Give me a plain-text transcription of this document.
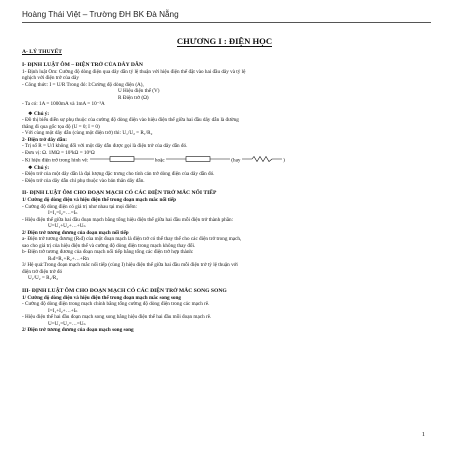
Hoàng Thái Việt – Trường ĐH BK Đà Nẵng
CHƯƠNG I : ĐIỆN HỌC
A- LÝ THUYẾT
I- ĐỊNH LUẬT ÔM – ĐIỆN TRỞ CỦA DÂY DẪN
1- Định luật Ôm: Cường độ dòng điện qua dây dẫn tỷ lệ thuận với hiệu điện thế đặt vào hai đầu dây và tỷ lệ
nghịch với điện trở của dây
- Công thức: I = U/R Trong đó: I:Cường độ dòng điện (A),
U Hiệu điện thế (V)
R Điện trở (Ω)
- Ta có: 1A = 1000mA và 1mA = 10⁻³A
❖ Chú ý:
- Đồ thị biểu diễn sự phụ thuộc của cường độ dòng điện vào hiệu điện thế giữa hai đầu dây dẫn là đường
thẳng đi qua gốc tọa độ (U = 0; I = 0)
- Với cùng một dây dẫn (cùng một điện trở) thì: U₁/U₂ = R₁/R₂
2- Điện trở dây dẫn:
- Trị số R = U/I không đổi với một dây dẫn được gọi là điện trở của dây dẫn đó.
- Đơn vị: Ω. 1MΩ = 10³kΩ = 10⁶Ω
- Kí hiệu điện trở trong hình vẽ:	hoặc	(hay	)
❖ Chú ý:
- Điện trở của một dây dẫn là đại lượng đặc trưng cho tính cản trở dòng điện của dây dẫn đó.
- Điện trở của dây dẫn chỉ phụ thuộc vào bản thân dây dẫn.
II- ĐỊNH LUẬT ÔM CHO ĐOẠN MẠCH CÓ CÁC ĐIỆN TRỞ MẮC NỐI TIẾP
1/ Cường độ dòng điện và hiệu điện thế trong đoạn mạch mắc nối tiếp
- Cường độ dòng điện có giá trị như nhau tại mọi điểm:
I=I₁=I₂=…=Iₙ
- Hiệu điện thế giữa hai đầu đoạn mạch bằng tổng hiệu điện thế giữa hai đầu mỗi điện trở thành phần:
U=U₁+U₂+…+Uₙ
2/ Điện trở tương đương của đoạn mạch nối tiếp
a- Điện trở tương đương (Rₜđ) của một đoạn mạch là điện trở có thể thay thế cho các điện trở trong mạch,
sao cho giá trị của hiệu điện thế và cường độ dòng điện trong mạch không thay đổi.
b- Điện trở tương đương của đoạn mạch nối tiếp bằng tổng các điện trở hợp thành:
Rₜđ=R₁+R₂+…+Rn
3/ Hệ quả:Trong đoạn mạch mắc nối tiếp (cùng I) hiệu điện thế giữa hai đầu mỗi điện trở tỷ lệ thuận với
điện trở điện trở đó
U₁/U₂ = R₁/R₂
III- ĐỊNH LUẬT ÔM CHO ĐOẠN MẠCH CÓ CÁC ĐIỆN TRỞ MẮC SONG SONG
1/ Cường độ dòng điện và hiệu điện thế trong đoạn mạch mắc song song
- Cường độ dòng điện trong mạch chính bằng tổng cường độ dòng điện trong các mạch rẽ.
I=I₁+I₂+…+Iₙ
- Hiệu điện thế hai đầu đoạn mạch song song bằng hiệu điện thế hai đầu mỗi đoạn mạch rẽ.
U=U₁=U₂=…=Uₙ
2/ Điện trở tương đương của đoạn mạch song song
1
